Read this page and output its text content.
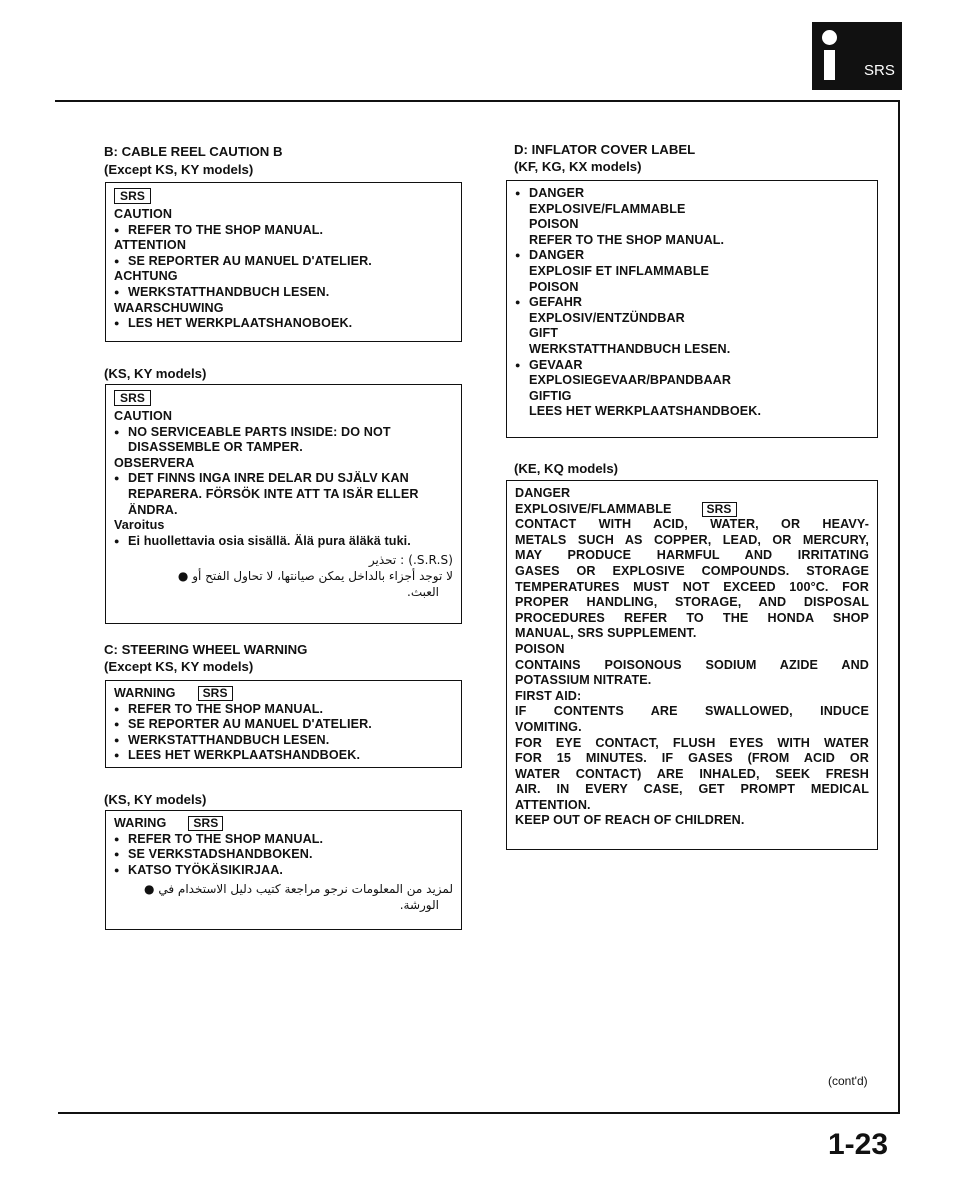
SRS
B: CABLE REEL CAUTION B
(Except KS, KY models)
SRS
CAUTION
● REFER TO THE SHOP MANUAL.
ATTENTION
● SE REPORTER AU MANUEL D'ATELIER.
ACHTUNG
● WERKSTATTHANDBUCH LESEN.
WAARSCHUWING
● LES HET WERKPLAATSHANOBOEK.
(KS, KY models)
SRS
CAUTION
● NO SERVICEABLE PARTS INSIDE: DO NOT
DISASSEMBLE OR TAMPER.
OBSERVERA
● DET FINNS INGA INRE DELAR DU SJÄLV KAN
REPARERA. FÖRSÖK INTE ATT TA ISÄR ELLER
ÄNDRA.
Varoitus
● Ei huollettavia osia sisällä. Älä pura äläkä tuki.
(S.R.S.) : تحذير
لا توجد أجزاء بالداخل يمكن صيانتها، لا تحاول الفتح أو ●
العبث.
C: STEERING WHEEL WARNING
(Except KS, KY models)
WARNING SRS
● REFER TO THE SHOP MANUAL.
● SE REPORTER AU MANUEL D'ATELIER.
● WERKSTATTHANDBUCH LESEN.
● LEES HET WERKPLAATSHANDBOEK.
(KS, KY models)
WARING SRS
● REFER TO THE SHOP MANUAL.
● SE VERKSTADSHANDBOKEN.
● KATSO TYÖKÄSIKIRJAA.
لمزيد من المعلومات نرجو مراجعة كتيب دليل الاستخدام في ●
الورشة.
D: INFLATOR COVER LABEL
(KF, KG, KX models)
● DANGER
EXPLOSIVE/FLAMMABLE
POISON
REFER TO THE SHOP MANUAL.
● DANGER
EXPLOSIF ET INFLAMMABLE
POISON
● GEFAHR
EXPLOSIV/ENTZÜNDBAR
GIFT
WERKSTATTHANDBUCH LESEN.
● GEVAAR
EXPLOSIEGEVAAR/BPANDBAAR
GIFTIG
LEES HET WERKPLAATSHANDBOEK.
(KE, KQ models)
DANGER
EXPLOSIVE/FLAMMABLE	SRS
CONTACT WITH ACID, WATER, OR HEAVY-
METALS SUCH AS COPPER, LEAD, OR MERCURY,
MAY PRODUCE HARMFUL AND IRRITATING
GASES OR EXPLOSIVE COMPOUNDS. STORAGE
TEMPERATURES MUST NOT EXCEED 100°C. FOR
PROPER HANDLING, STORAGE, AND DISPOSAL
PROCEDURES REFER TO THE HONDA SHOP
MANUAL, SRS SUPPLEMENT.
POISON
CONTAINS POISONOUS SODIUM AZIDE AND
POTASSIUM NITRATE.
FIRST AID:
IF CONTENTS ARE SWALLOWED, INDUCE
VOMITING.
FOR EYE CONTACT, FLUSH EYES WITH WATER
FOR 15 MINUTES. IF GASES (FROM ACID OR
WATER CONTACT) ARE INHALED, SEEK FRESH
AIR. IN EVERY CASE, GET PROMPT MEDICAL
ATTENTION.
KEEP OUT OF REACH OF CHILDREN.
(cont'd)
1-23
